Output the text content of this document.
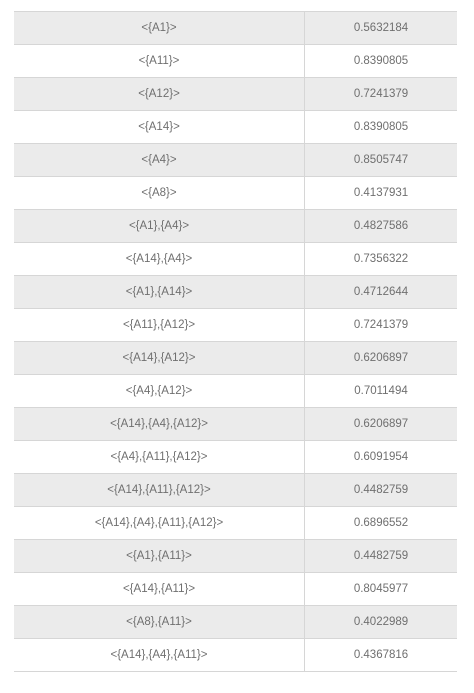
<{A1}>	0.5632184
<{A11}>	0.8390805
<{A12}>	0.7241379
<{A14}>	0.8390805
<{A4}>	0.8505747
<{A8}>	0.4137931
<{A1},{A4}>	0.4827586
<{A14},{A4}>	0.7356322
<{A1},{A14}>	0.4712644
<{A11},{A12}>	0.7241379
<{A14},{A12}>	0.6206897
<{A4},{A12}>	0.7011494
<{A14},{A4},{A12}>	0.6206897
<{A4},{A11},{A12}>	0.6091954
<{A14},{A11},{A12}>	0.4482759
<{A14},{A4},{A11},{A12}>	0.6896552
<{A1},{A11}>	0.4482759
<{A14},{A11}>	0.8045977
<{A8},{A11}>	0.4022989
<{A14},{A4},{A11}>	0.4367816
